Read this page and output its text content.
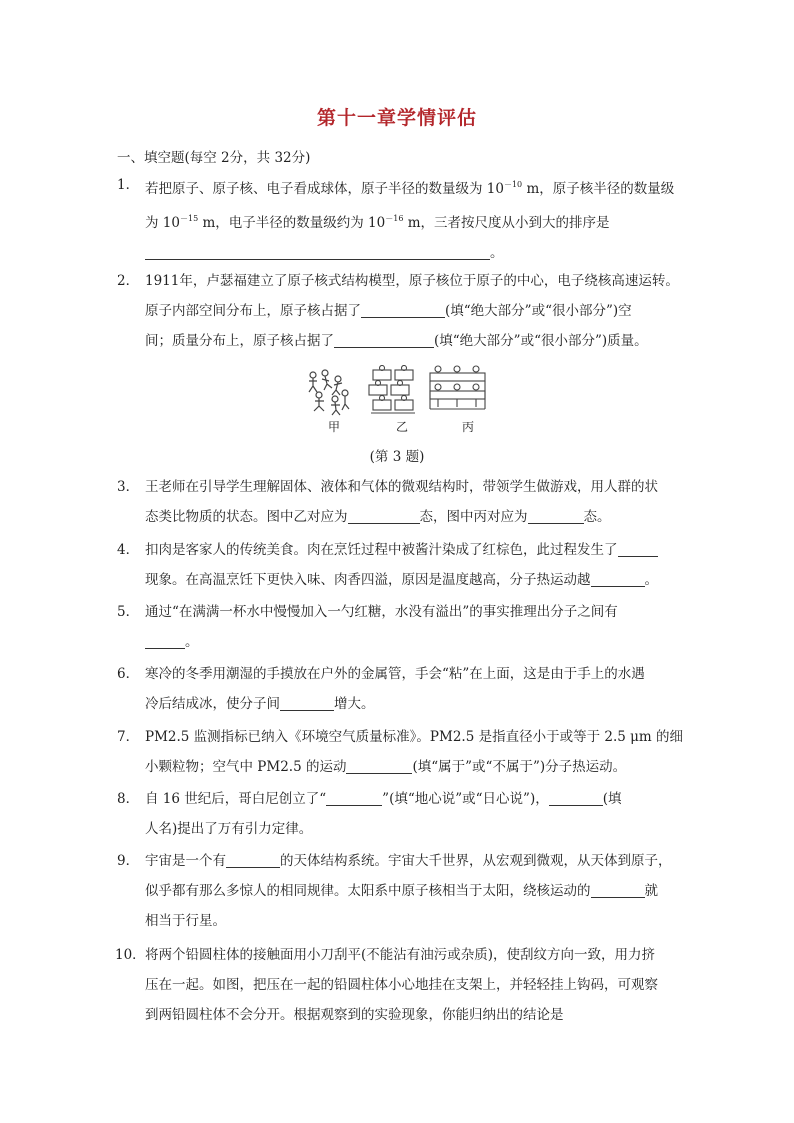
第十一章学情评估
一、填空题(每空 2分，共 32分)
1． 若把原子、原子核、电子看成球体，原子半径的数量级为 $10^{-10}$ m，原子核半径的数量级
为 $10^{-15}$ m，电子半径的数量级约为 $10^{-16}$ m，三者按尺度从小到大的排序是
。
2． 1911年，卢瑟福建立了原子核式结构模型，原子核位于原子的中心，电子绕核高速运转。
原子内部空间分布上，原子核占据了	(填“绝大部分”或“很小部分”)空
间；质量分布上，原子核占据了	(填“绝大部分”或“很小部分”)质量。
甲	乙	丙
(第 3 题)
3． 王老师在引导学生理解固体、液体和气体的微观结构时，带领学生做游戏，用人群的状
态类比物质的状态。图中乙对应为	态，图中丙对应为	态。
4． 扣肉是客家人的传统美食。肉在烹饪过程中被酱汁染成了红棕色，此过程发生了
现象。在高温烹饪下更快入味、肉香四溢，原因是温度越高，分子热运动越	。
5． 通过“在满满一杯水中慢慢加入一勺红糖，水没有溢出”的事实推理出分子之间有
。
6． 寒冷的冬季用潮湿的手摸放在户外的金属管，手会“粘”在上面，这是由于手上的水遇
冷后结成冰，使分子间	增大。
7． PM2.5 监测指标已纳入《环境空气质量标准》。PM2.5 是指直径小于或等于 2.5 μm 的细
小颗粒物；空气中 PM2.5 的运动	(填“属于”或“不属于”)分子热运动。
8． 自 16 世纪后，哥白尼创立了“	”(填“地心说”或“日心说”)，	(填
人名)提出了万有引力定律。
9． 宇宙是一个有	的天体结构系统。宇宙大千世界，从宏观到微观，从天体到原子，
似乎都有那么多惊人的相同规律。太阳系中原子核相当于太阳，绕核运动的	就
相当于行星。
10． 将两个铅圆柱体的接触面用小刀刮平(不能沾有油污或杂质)，使刮纹方向一致，用力挤
压在一起。如图，把压在一起的铅圆柱体小心地挂在支架上，并轻轻挂上钩码，可观察
到两铅圆柱体不会分开。根据观察到的实验现象，你能归纳出的结论是
